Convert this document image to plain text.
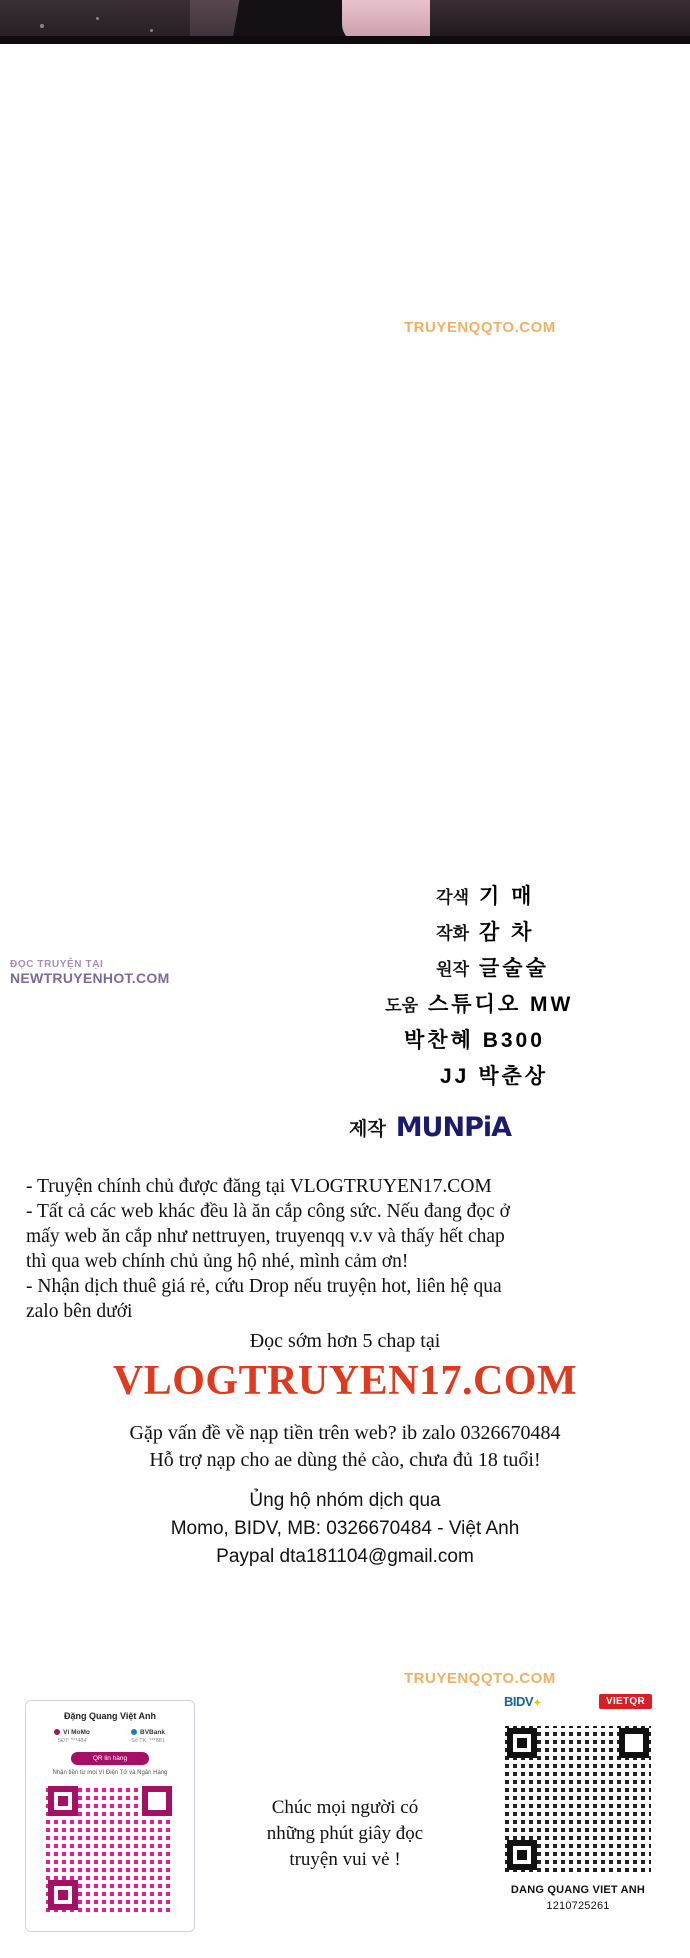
TRUYENQQTO.COM
TRUYENQQTO.COM
ĐỌC TRUYỆN TẠI
NEWTRUYENHOT.COM
각색 기 매
작화 감 차
원작 글술술
도움 스튜디오 MW
박찬혜 B300
JJ 박춘상
제작 MUNPiA

- Truyện chính chủ được đăng tại VLOGTRUYEN17.COM

- Tất cả các web khác đều là ăn cắp công sức. Nếu đang đọc ở

mấy web ăn cắp như nettruyen, truyenqq v.v và thấy hết chap

thì qua web chính chủ ủng hộ nhé, mình cảm ơn!

- Nhận dịch thuê giá rẻ, cứu Drop nếu truyện hot, liên hệ qua

zalo bên dưới

Đọc sớm hơn 5 chap tại
VLOGTRUYEN17.COM
Gặp vấn đề về nạp tiền trên web? ib zalo 0326670484
Hỗ trợ nạp cho ae dùng thẻ cào, chưa đủ 18 tuổi!
Ủng hộ nhóm dịch qua
Momo, BIDV, MB: 0326670484 - Việt Anh
Paypal dta181104@gmail.com
Đặng Quang Việt Anh
Ví MoMo
SĐT: ***484
BVBank
Số TK: ***881
QR lin hàng
Nhận tiền từ mọi Ví Điện Tử và Ngân Hàng
BIDV✦	VIETQR
DANG QUANG VIET ANH
1210725261
Chúc mọi người có
những phút giây đọc
truyện vui vẻ !
